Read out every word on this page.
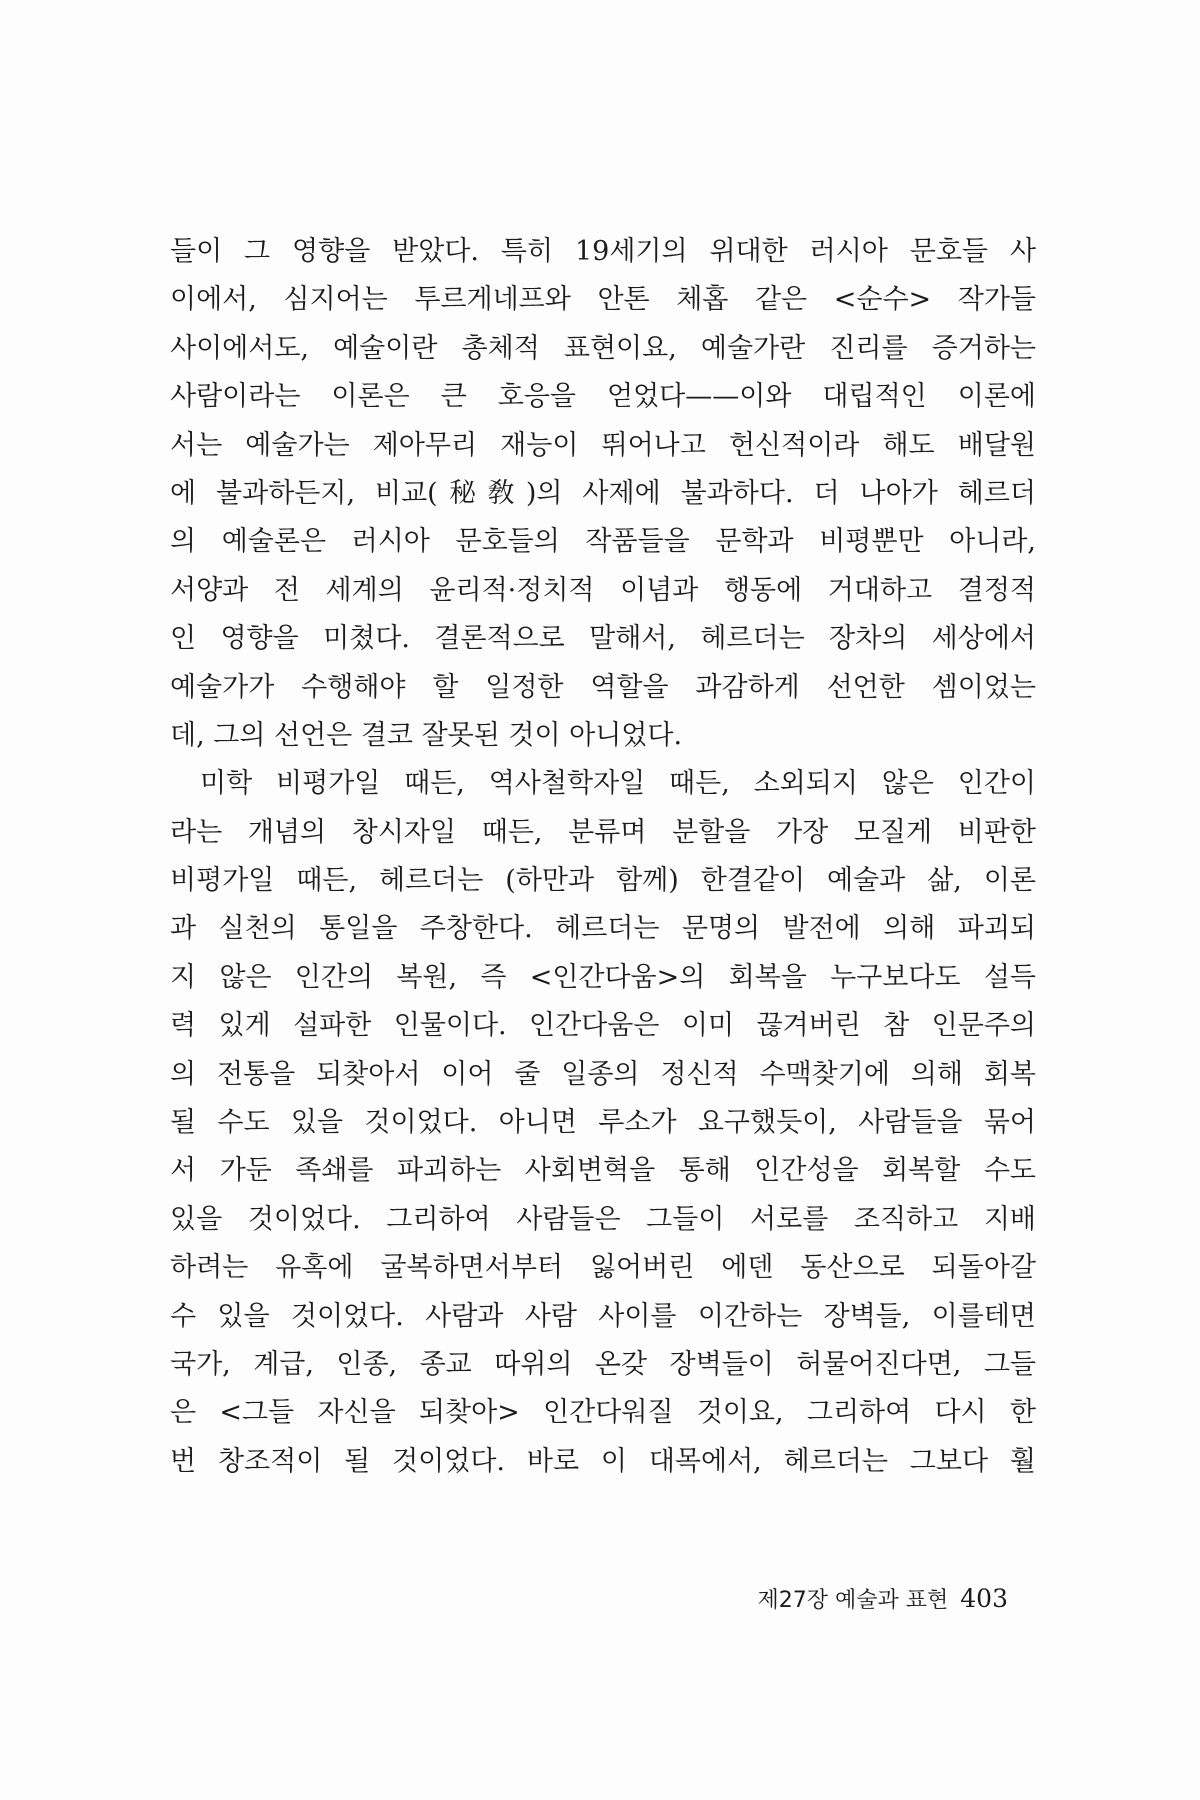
들이 그 영향을 받았다. 특히 19세기의 위대한 러시아 문호들 사
이에서, 심지어는 투르게네프와 안톤 체홉 같은 <순수> 작가들
사이에서도, 예술이란 총체적 표현이요, 예술가란 진리를 증거하는
사람이라는 이론은 큰 호응을 얻었다——이와 대립적인 이론에
서는 예술가는 제아무리 재능이 뛰어나고 헌신적이라 해도 배달원
에 불과하든지, 비교(秘敎)의 사제에 불과하다. 더 나아가 헤르더
의 예술론은 러시아 문호들의 작품들을 문학과 비평뿐만 아니라,
서양과 전 세계의 윤리적·정치적 이념과 행동에 거대하고 결정적
인 영향을 미쳤다. 결론적으로 말해서, 헤르더는 장차의 세상에서
예술가가 수행해야 할 일정한 역할을 과감하게 선언한 셈이었는
데, 그의 선언은 결코 잘못된 것이 아니었다.
미학 비평가일 때든, 역사철학자일 때든, 소외되지 않은 인간이
라는 개념의 창시자일 때든, 분류며 분할을 가장 모질게 비판한
비평가일 때든, 헤르더는 (하만과 함께) 한결같이 예술과 삶, 이론
과 실천의 통일을 주창한다. 헤르더는 문명의 발전에 의해 파괴되
지 않은 인간의 복원, 즉 <인간다움>의 회복을 누구보다도 설득
력 있게 설파한 인물이다. 인간다움은 이미 끊겨버린 참 인문주의
의 전통을 되찾아서 이어 줄 일종의 정신적 수맥찾기에 의해 회복
될 수도 있을 것이었다. 아니면 루소가 요구했듯이, 사람들을 묶어
서 가둔 족쇄를 파괴하는 사회변혁을 통해 인간성을 회복할 수도
있을 것이었다. 그리하여 사람들은 그들이 서로를 조직하고 지배
하려는 유혹에 굴복하면서부터 잃어버린 에덴 동산으로 되돌아갈
수 있을 것이었다. 사람과 사람 사이를 이간하는 장벽들, 이를테면
국가, 계급, 인종, 종교 따위의 온갖 장벽들이 허물어진다면, 그들
은 <그들 자신을 되찾아> 인간다워질 것이요, 그리하여 다시 한
번 창조적이 될 것이었다. 바로 이 대목에서, 헤르더는 그보다 훨
제27장 예술과 표현 403
